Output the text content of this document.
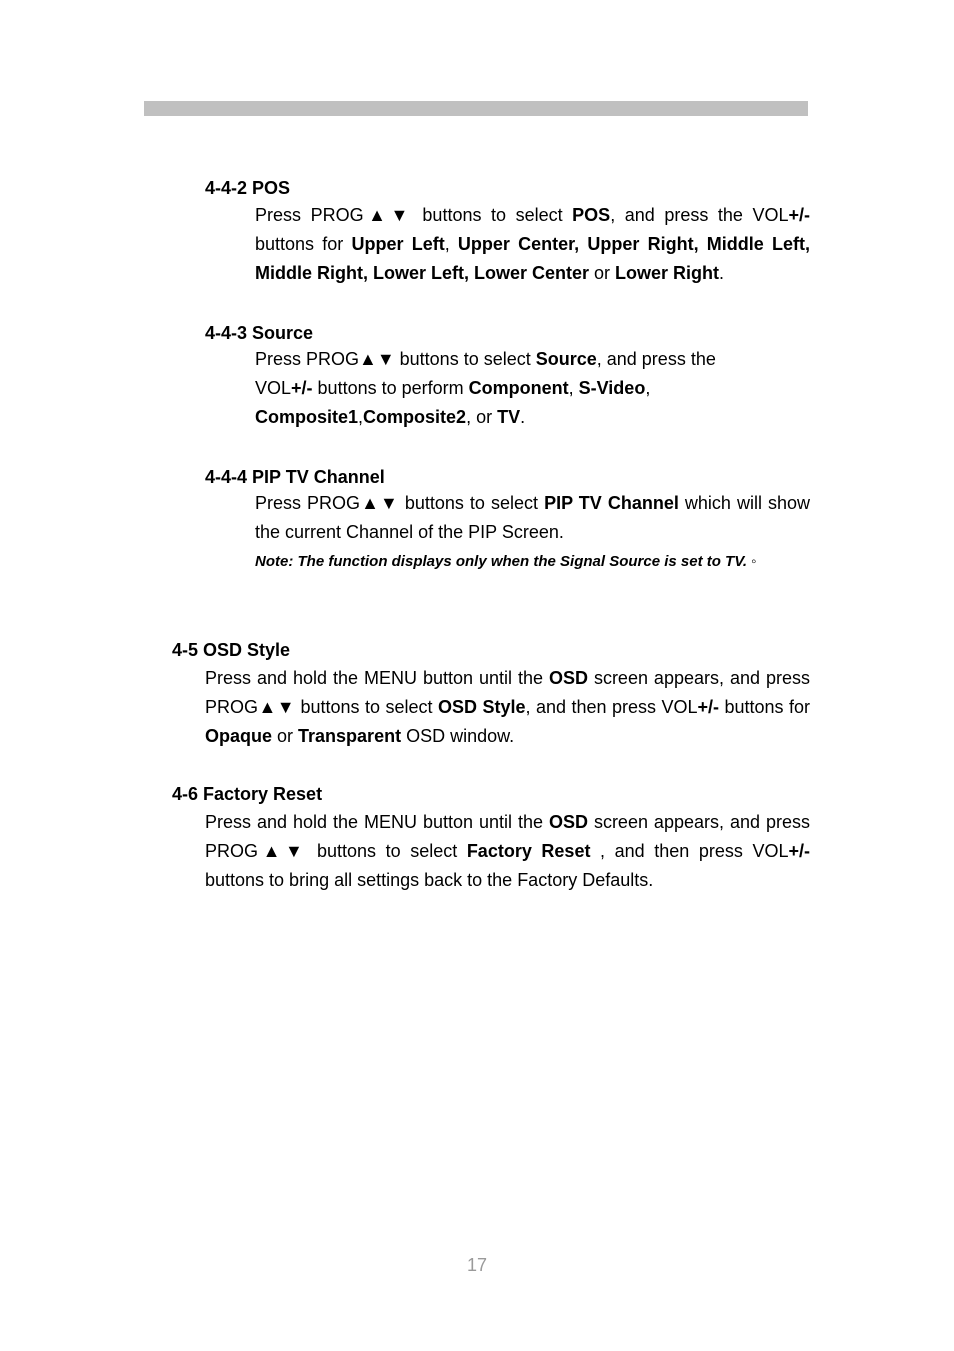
4-4-2 POS

Press PROG▲▼ buttons to select POS, and press the VOL+/- buttons for Upper Left, Upper Center, Upper Right, Middle Left, Middle Right, Lower Left, Lower Center or Lower Right.

4-4-3 Source

Press PROG▲▼ buttons to select Source, and press the
VOL+/- buttons to perform Component, S-Video,
Composite1,Composite2, or TV.

4-4-4 PIP TV Channel

Press PROG▲▼ buttons to select PIP TV Channel which will show the current Channel of the PIP Screen.

Note: The function displays only when the Signal Source is set to TV. ◦

4-5 OSD Style

Press and hold the MENU button until the OSD screen appears, and press PROG▲▼ buttons to select OSD Style, and then press VOL+/- buttons for Opaque or Transparent OSD window.

4-6 Factory Reset

Press and hold the MENU button until the OSD screen appears, and press PROG▲▼ buttons to select Factory Reset , and then press VOL+/- buttons to bring all settings back to the Factory Defaults.

17
